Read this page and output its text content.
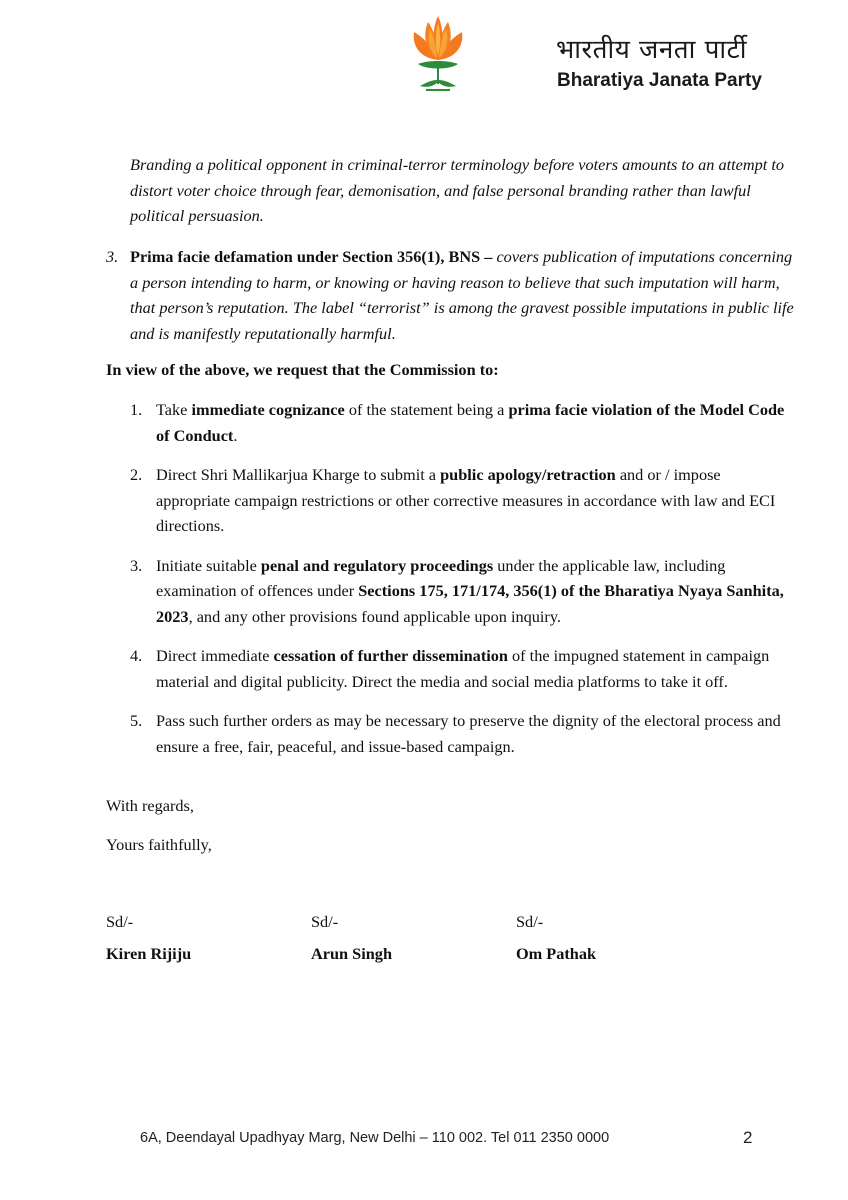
भारतीय जनता पार्टी
Bharatiya Janata Party
Branding a political opponent in criminal-terror terminology before voters amounts to an attempt to distort voter choice through fear, demonisation, and false personal branding rather than lawful political persuasion.
3. Prima facie defamation under Section 356(1), BNS – covers publication of imputations concerning a person intending to harm, or knowing or having reason to believe that such imputation will harm, that person’s reputation. The label “terrorist” is among the gravest possible imputations in public life and is manifestly reputationally harmful.
In view of the above, we request that the Commission to:
1. Take immediate cognizance of the statement being a prima facie violation of the Model Code of Conduct.
2. Direct Shri Mallikarjua Kharge to submit a public apology/retraction and or / impose appropriate campaign restrictions or other corrective measures in accordance with law and ECI directions.
3. Initiate suitable penal and regulatory proceedings under the applicable law, including examination of offences under Sections 175, 171/174, 356(1) of the Bharatiya Nyaya Sanhita, 2023, and any other provisions found applicable upon inquiry.
4. Direct immediate cessation of further dissemination of the impugned statement in campaign material and digital publicity. Direct the media and social media platforms to take it off.
5. Pass such further orders as may be necessary to preserve the dignity of the electoral process and ensure a free, fair, peaceful, and issue-based campaign.
With regards,
Yours faithfully,
Sd/-
Kiren Rijiju
Sd/-
Arun Singh
Sd/-
Om Pathak
6A, Deendayal Upadhyay Marg, New Delhi – 110 002. Tel 011 2350 0000	2
